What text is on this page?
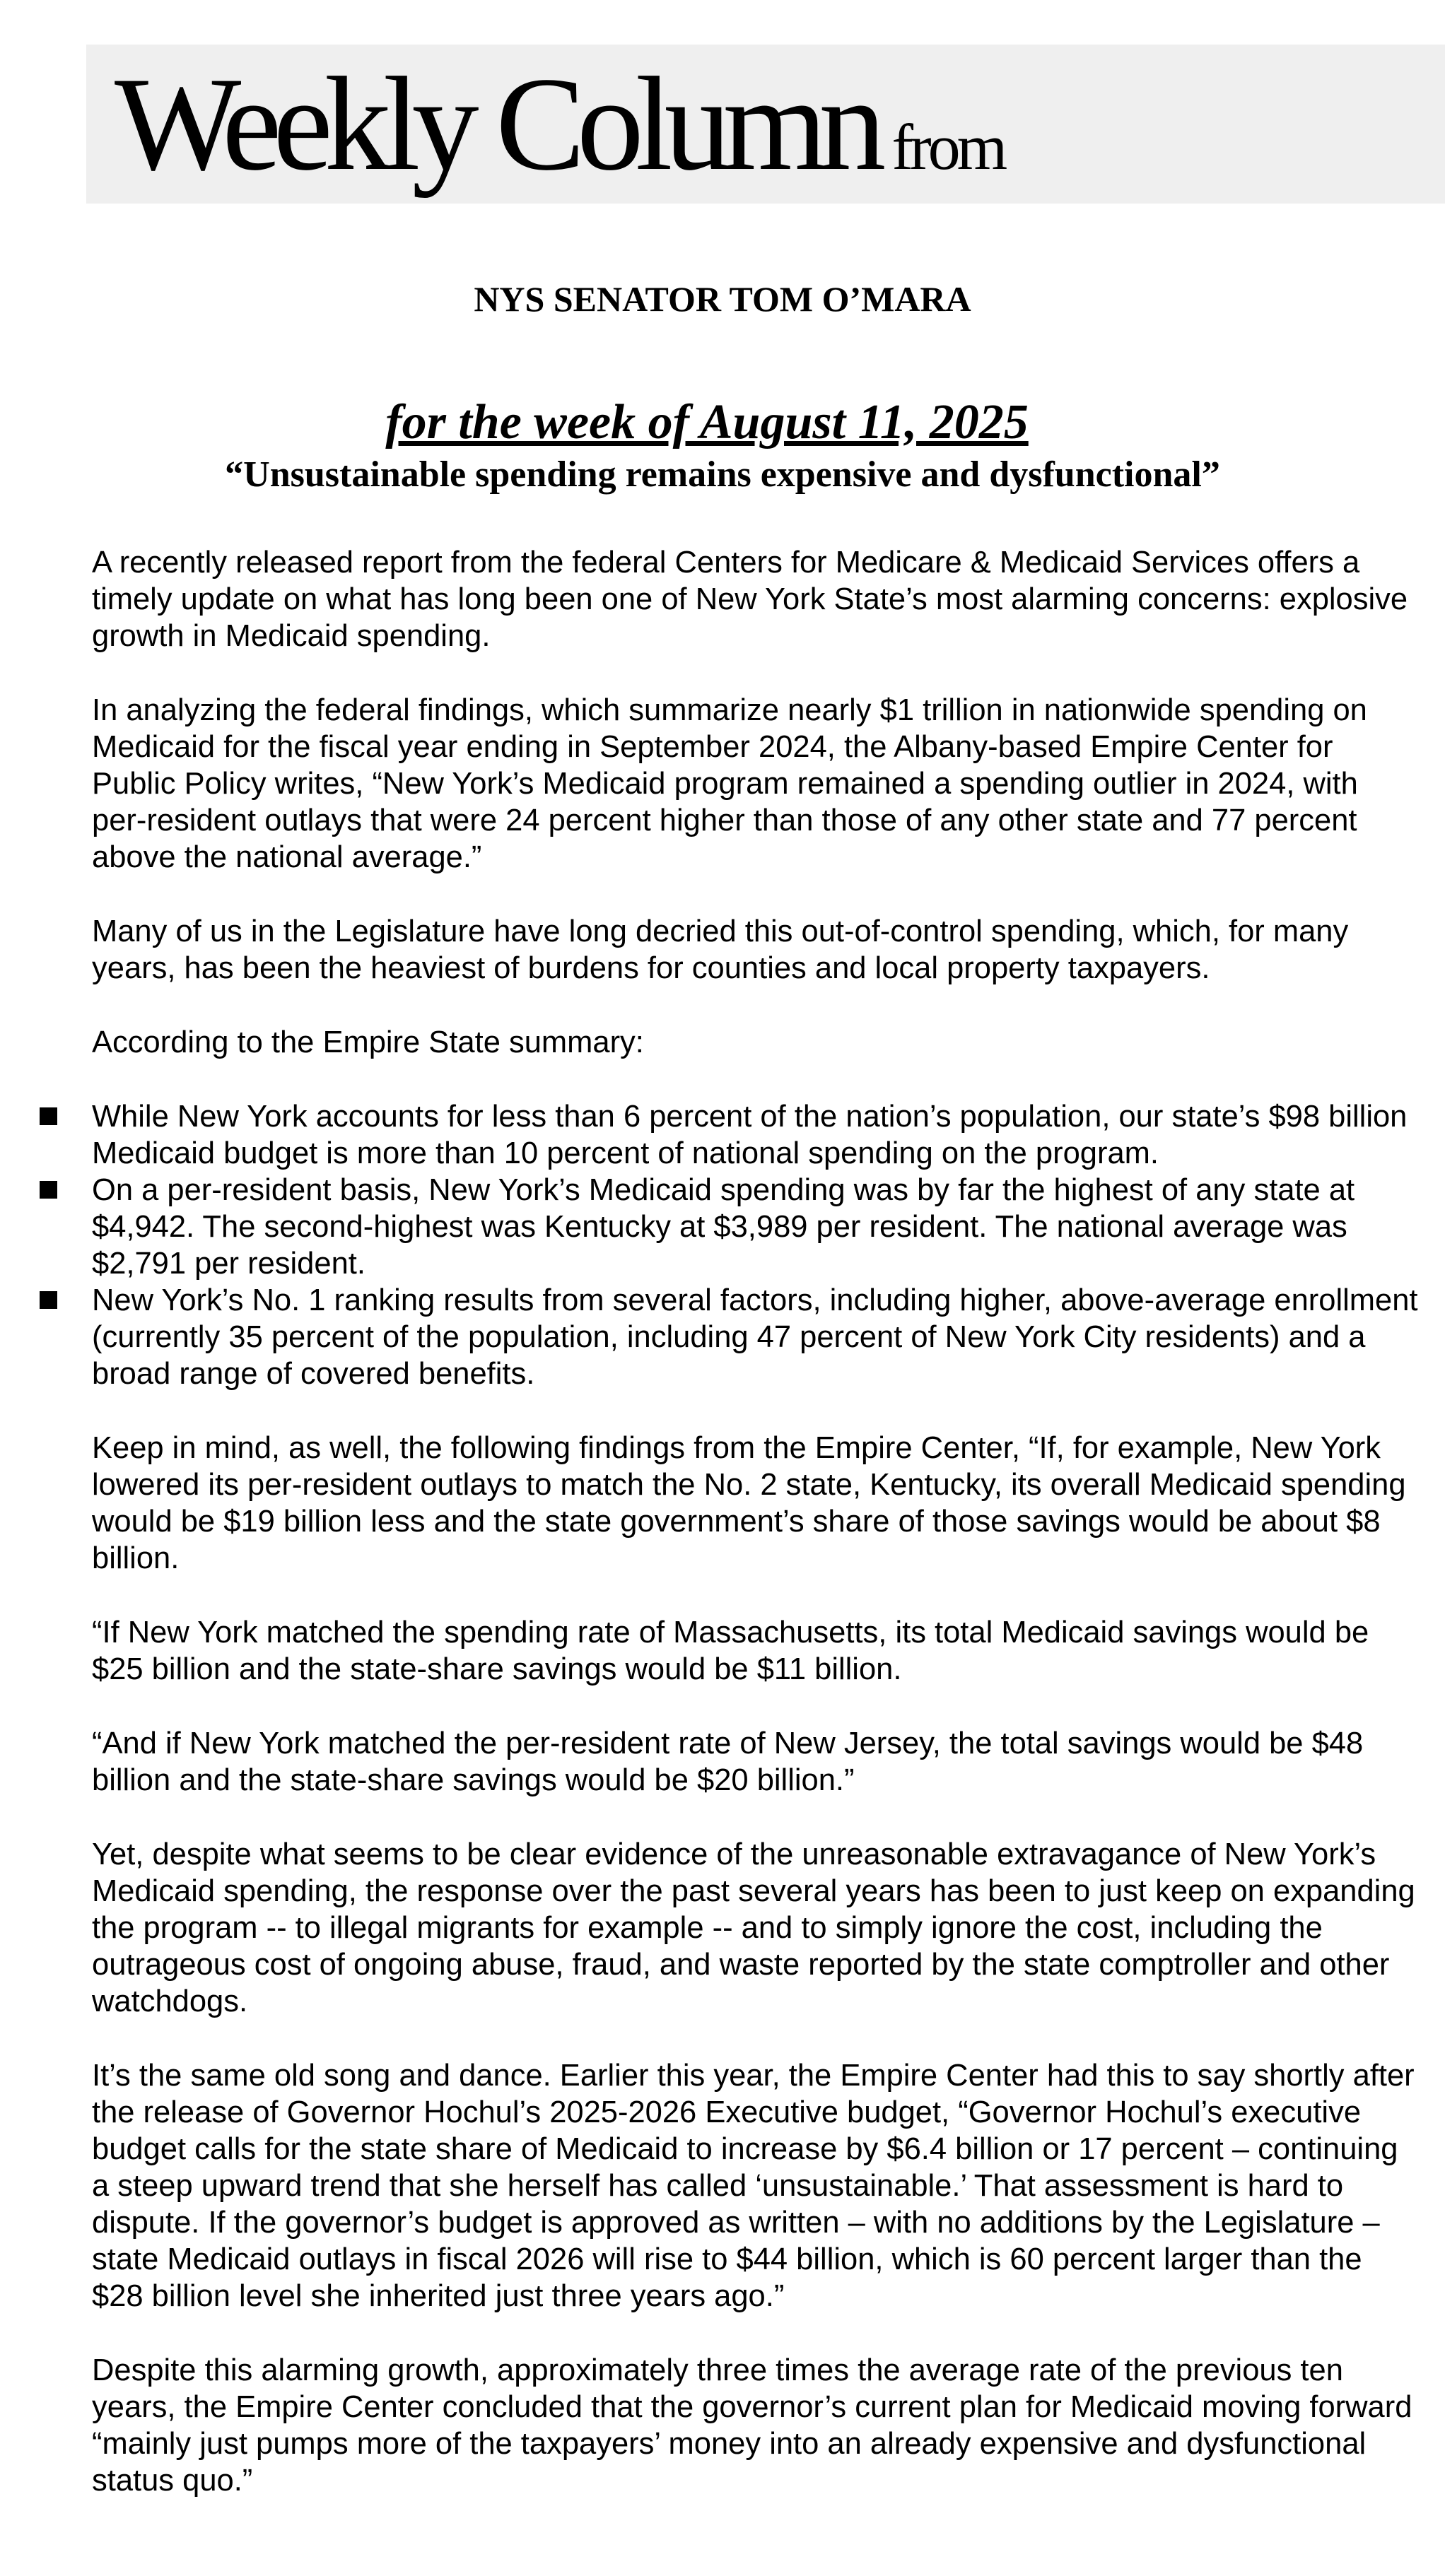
Weekly Column from
NYS SENATOR TOM O’MARA
for the week of August 11, 2025
“Unsustainable spending remains expensive and dysfunctional”

A recently released report from the federal Centers for Medicare & Medicaid Services offers a timely update on what has long been one of New York State’s most alarming concerns: explosive growth in Medicaid spending.

In analyzing the federal findings, which summarize nearly $1 trillion in nationwide spending on Medicaid for the fiscal year ending in September 2024, the Albany-based Empire Center for Public Policy writes, “New York’s Medicaid program remained a spending outlier in 2024, with per-resident outlays that were 24 percent higher than those of any other state and 77 percent above the national average.”

Many of us in the Legislature have long decried this out-of-control spending, which, for many years, has been the heaviest of burdens for counties and local property taxpayers.

According to the Empire State summary:

While New York accounts for less than 6 percent of the nation’s population, our state’s $98 billion Medicaid budget is more than 10 percent of national spending on the program.
On a per-resident basis, New York’s Medicaid spending was by far the highest of any state at $4,942. The second-highest was Kentucky at $3,989 per resident. The national average was $2,791 per resident.
New York’s No. 1 ranking results from several factors, including higher, above-average enrollment (currently 35 percent of the population, including 47 percent of New York City residents) and a broad range of covered benefits.

Keep in mind, as well, the following findings from the Empire Center, “If, for example, New York lowered its per-resident outlays to match the No. 2 state, Kentucky, its overall Medicaid spending would be $19 billion less and the state government’s share of those savings would be about $8 billion.

“If New York matched the spending rate of Massachusetts, its total Medicaid savings would be $25 billion and the state-share savings would be $11 billion.

“And if New York matched the per-resident rate of New Jersey, the total savings would be $48 billion and the state-share savings would be $20 billion.”

Yet, despite what seems to be clear evidence of the unreasonable extravagance of New York’s Medicaid spending, the response over the past several years has been to just keep on expanding the program -- to illegal migrants for example -- and to simply ignore the cost, including the outrageous cost of ongoing abuse, fraud, and waste reported by the state comptroller and other watchdogs.

It’s the same old song and dance. Earlier this year, the Empire Center had this to say shortly after the release of Governor Hochul’s 2025-2026 Executive budget, “Governor Hochul’s executive budget calls for the state share of Medicaid to increase by $6.4 billion or 17 percent – continuing a steep upward trend that she herself has called ‘unsustainable.’ That assessment is hard to dispute. If the governor’s budget is approved as written – with no additions by the Legislature – state Medicaid outlays in fiscal 2026 will rise to $44 billion, which is 60 percent larger than the $28 billion level she inherited just three years ago.”

Despite this alarming growth, approximately three times the average rate of the previous ten years, the Empire Center concluded that the governor’s current plan for Medicaid moving forward “mainly just pumps more of the taxpayers’ money into an already expensive and dysfunctional status quo.”
